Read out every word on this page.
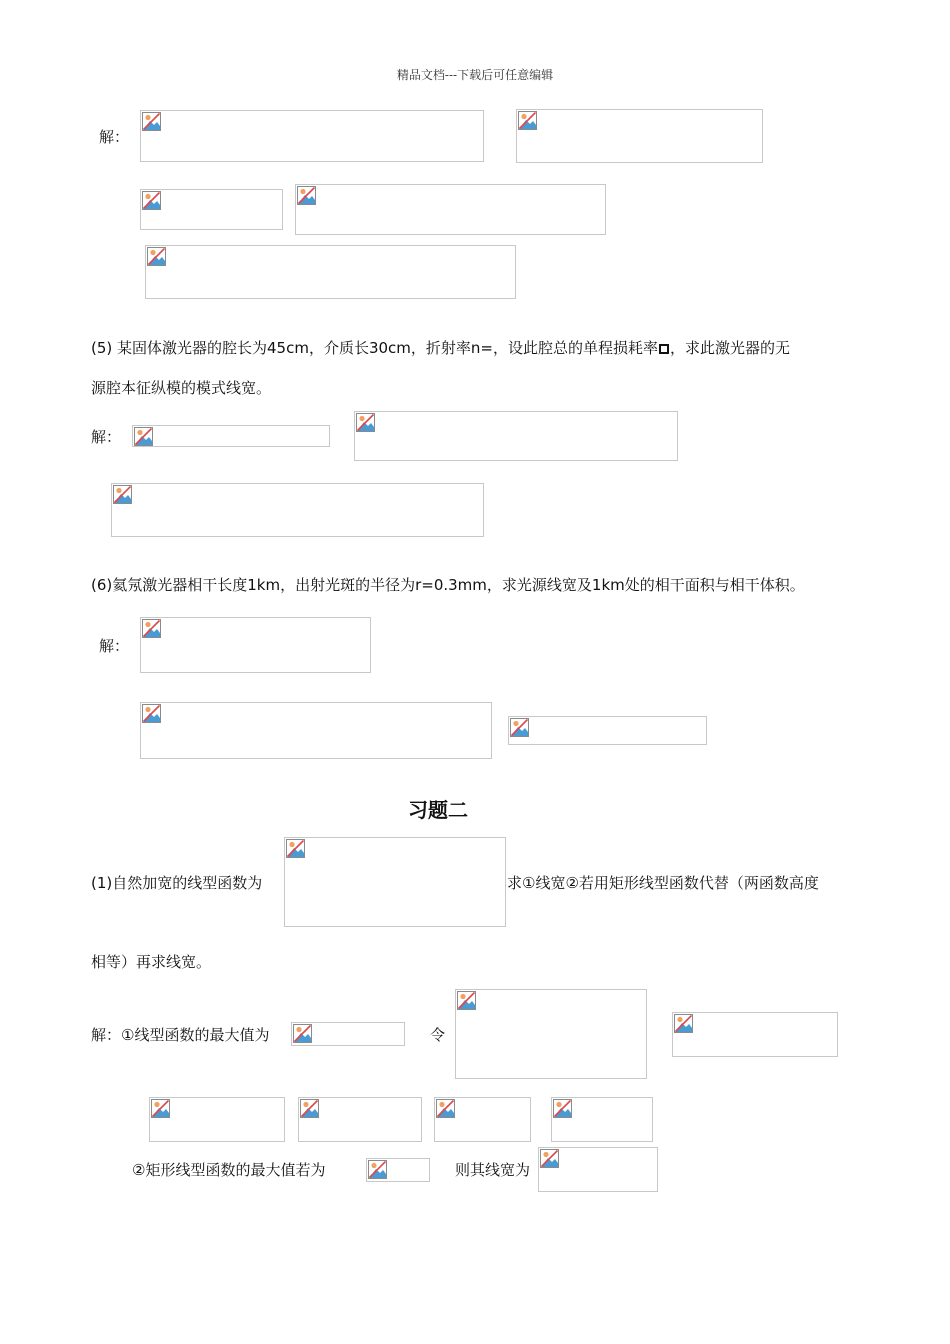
精品文档---下载后可任意编辑
解：
(5) 某固体激光器的腔长为45cm，介质长30cm，折射率n=，设此腔总的单程损耗率 ，求此激光器的无
源腔本征纵模的模式线宽。
解：
(6)氦氖激光器相干长度1km，出射光斑的半径为r=0.3mm，求光源线宽及1km处的相干面积与相干体积。
解：
习题二
(1)自然加宽的线型函数为	求①线宽②若用矩形线型函数代替（两函数高度
相等）再求线宽。
解：①线型函数的最大值为	令
②矩形线型函数的最大值若为	则其线宽为
